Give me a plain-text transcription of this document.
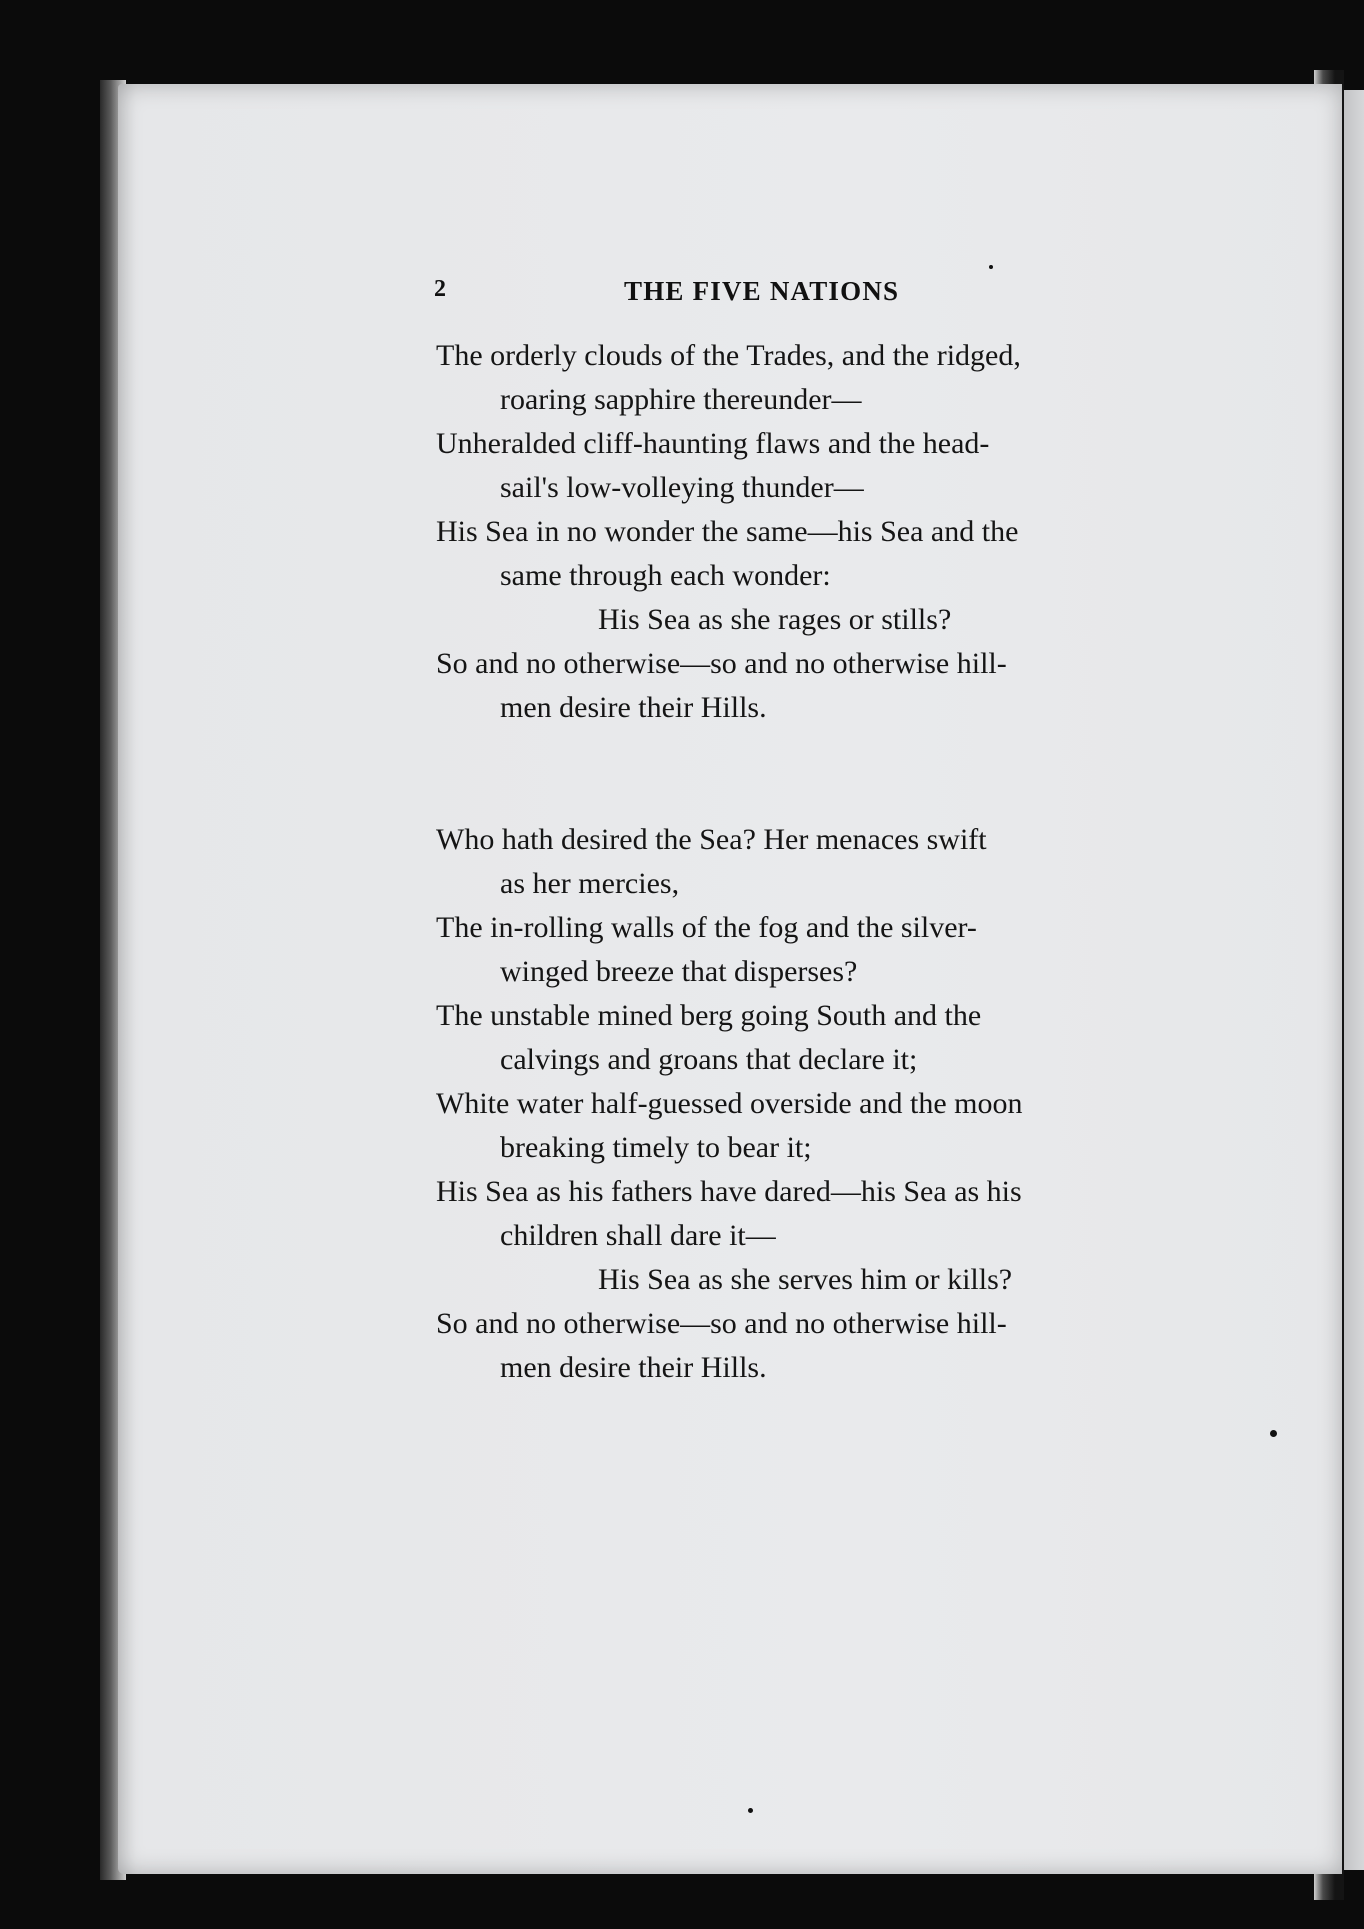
2	THE FIVE NATIONS
The orderly clouds of the Trades, and the ridged,
roaring sapphire thereunder—
Unheralded cliff-haunting flaws and the head-
sail's low-volleying thunder—
His Sea in no wonder the same—his Sea and the
same through each wonder:
His Sea as she rages or stills?
So and no otherwise—so and no otherwise hill-
men desire their Hills.
Who hath desired the Sea? Her menaces swift
as her mercies,
The in-rolling walls of the fog and the silver-
winged breeze that disperses?
The unstable mined berg going South and the
calvings and groans that declare it;
White water half-guessed overside and the moon
breaking timely to bear it;
His Sea as his fathers have dared—his Sea as his
children shall dare it—
His Sea as she serves him or kills?
So and no otherwise—so and no otherwise hill-
men desire their Hills.
